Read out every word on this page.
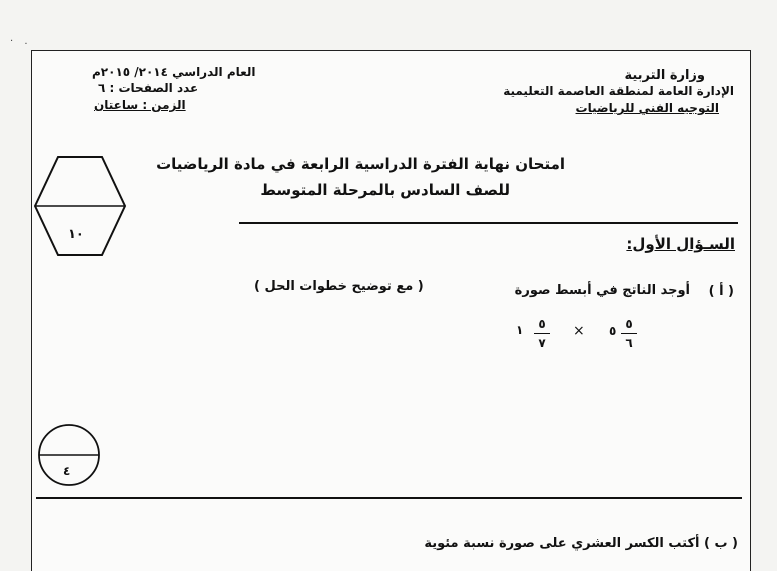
· .
العام الدراسي ٢٠١٤/ ٢٠١٥م
عدد الصفحات : ٦
الزمن : ساعتان
وزارة التربية
الإدارة العامة لمنطقة العاصمة التعليمية
التوجيه الفني للرياضيات
امتحان نهاية الفترة الدراسية الرابعة في مادة الرياضيات
للصف السادس بالمرحلة المتوسط
١٠
السـؤال الأول:
( أ )
أوجد الناتج في أبسط صورة
( مع توضيح خطوات الحل )
٥
٦
٥
×
٥
٧
١
٤
( ب ) أكتب الكسر العشري على صورة نسبة مئوية
